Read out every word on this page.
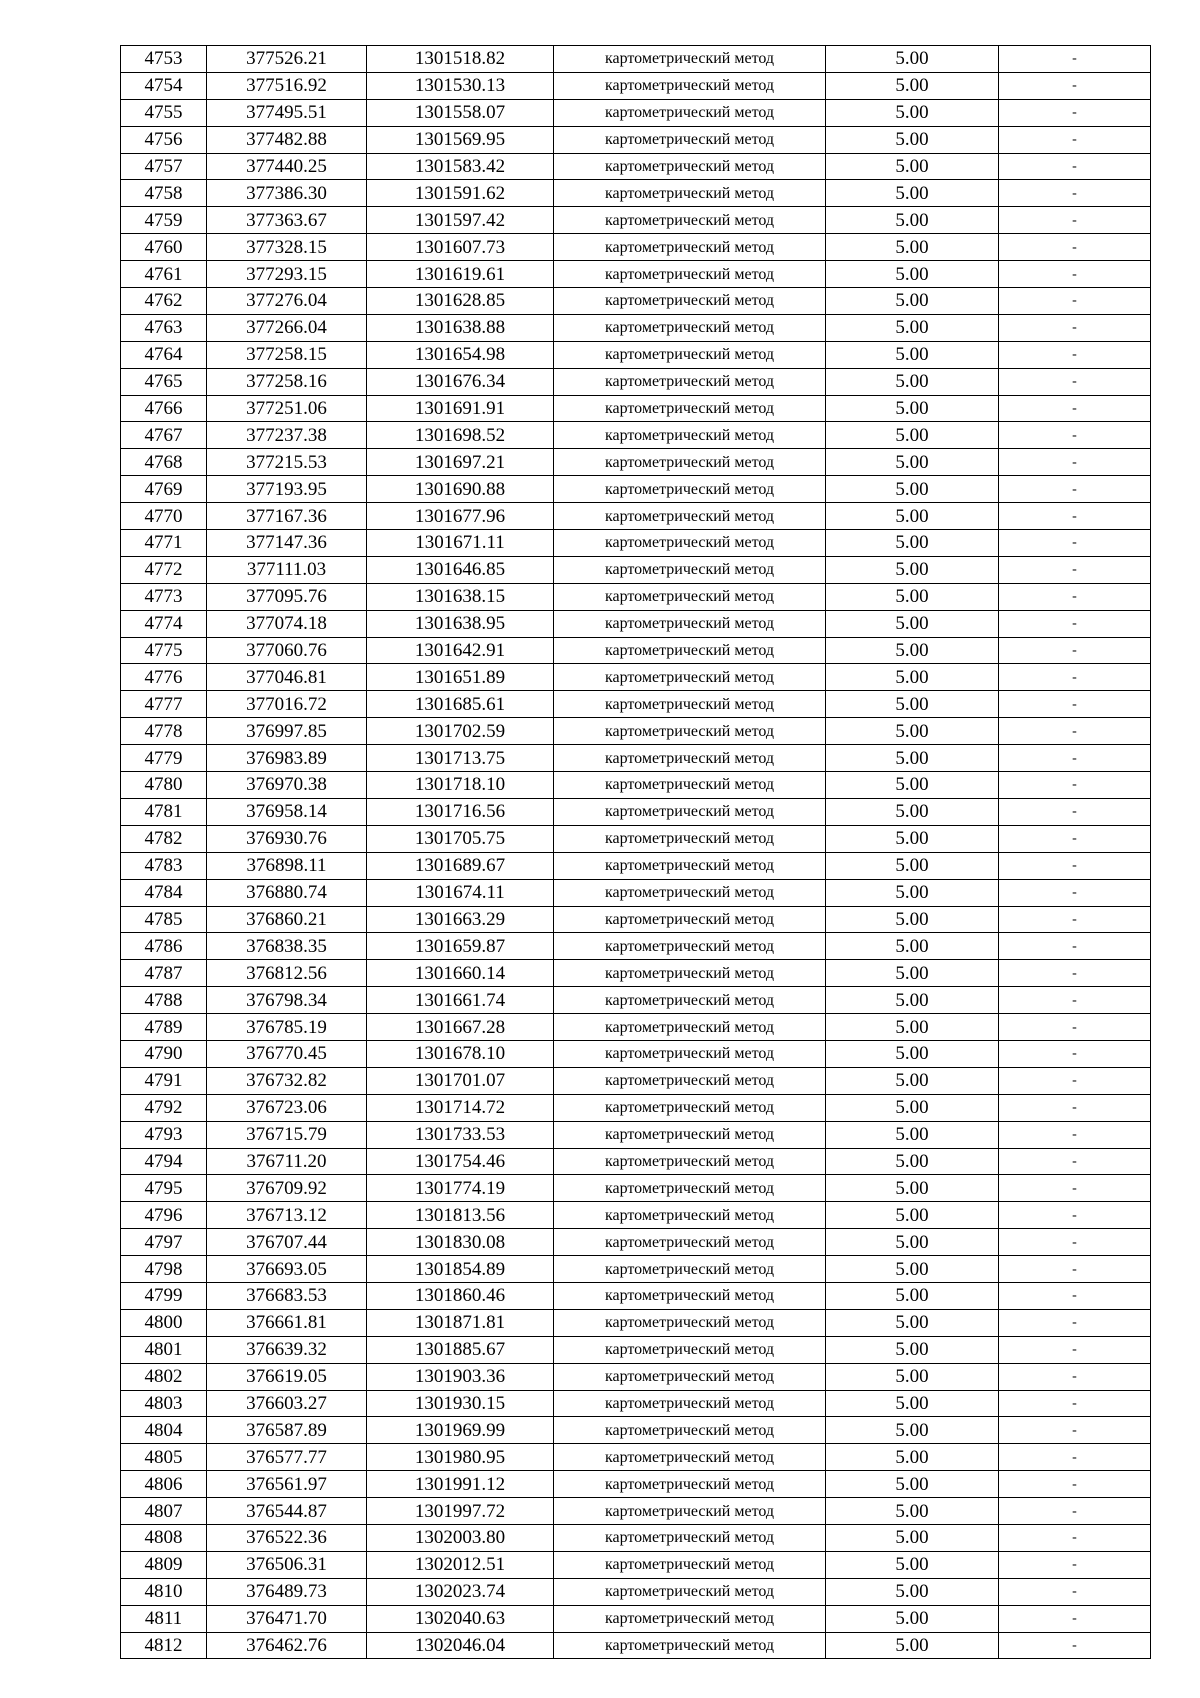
4753	377526.21	1301518.82	картометрический метод	5.00	-
4754	377516.92	1301530.13	картометрический метод	5.00	-
4755	377495.51	1301558.07	картометрический метод	5.00	-
4756	377482.88	1301569.95	картометрический метод	5.00	-
4757	377440.25	1301583.42	картометрический метод	5.00	-
4758	377386.30	1301591.62	картометрический метод	5.00	-
4759	377363.67	1301597.42	картометрический метод	5.00	-
4760	377328.15	1301607.73	картометрический метод	5.00	-
4761	377293.15	1301619.61	картометрический метод	5.00	-
4762	377276.04	1301628.85	картометрический метод	5.00	-
4763	377266.04	1301638.88	картометрический метод	5.00	-
4764	377258.15	1301654.98	картометрический метод	5.00	-
4765	377258.16	1301676.34	картометрический метод	5.00	-
4766	377251.06	1301691.91	картометрический метод	5.00	-
4767	377237.38	1301698.52	картометрический метод	5.00	-
4768	377215.53	1301697.21	картометрический метод	5.00	-
4769	377193.95	1301690.88	картометрический метод	5.00	-
4770	377167.36	1301677.96	картометрический метод	5.00	-
4771	377147.36	1301671.11	картометрический метод	5.00	-
4772	377111.03	1301646.85	картометрический метод	5.00	-
4773	377095.76	1301638.15	картометрический метод	5.00	-
4774	377074.18	1301638.95	картометрический метод	5.00	-
4775	377060.76	1301642.91	картометрический метод	5.00	-
4776	377046.81	1301651.89	картометрический метод	5.00	-
4777	377016.72	1301685.61	картометрический метод	5.00	-
4778	376997.85	1301702.59	картометрический метод	5.00	-
4779	376983.89	1301713.75	картометрический метод	5.00	-
4780	376970.38	1301718.10	картометрический метод	5.00	-
4781	376958.14	1301716.56	картометрический метод	5.00	-
4782	376930.76	1301705.75	картометрический метод	5.00	-
4783	376898.11	1301689.67	картометрический метод	5.00	-
4784	376880.74	1301674.11	картометрический метод	5.00	-
4785	376860.21	1301663.29	картометрический метод	5.00	-
4786	376838.35	1301659.87	картометрический метод	5.00	-
4787	376812.56	1301660.14	картометрический метод	5.00	-
4788	376798.34	1301661.74	картометрический метод	5.00	-
4789	376785.19	1301667.28	картометрический метод	5.00	-
4790	376770.45	1301678.10	картометрический метод	5.00	-
4791	376732.82	1301701.07	картометрический метод	5.00	-
4792	376723.06	1301714.72	картометрический метод	5.00	-
4793	376715.79	1301733.53	картометрический метод	5.00	-
4794	376711.20	1301754.46	картометрический метод	5.00	-
4795	376709.92	1301774.19	картометрический метод	5.00	-
4796	376713.12	1301813.56	картометрический метод	5.00	-
4797	376707.44	1301830.08	картометрический метод	5.00	-
4798	376693.05	1301854.89	картометрический метод	5.00	-
4799	376683.53	1301860.46	картометрический метод	5.00	-
4800	376661.81	1301871.81	картометрический метод	5.00	-
4801	376639.32	1301885.67	картометрический метод	5.00	-
4802	376619.05	1301903.36	картометрический метод	5.00	-
4803	376603.27	1301930.15	картометрический метод	5.00	-
4804	376587.89	1301969.99	картометрический метод	5.00	-
4805	376577.77	1301980.95	картометрический метод	5.00	-
4806	376561.97	1301991.12	картометрический метод	5.00	-
4807	376544.87	1301997.72	картометрический метод	5.00	-
4808	376522.36	1302003.80	картометрический метод	5.00	-
4809	376506.31	1302012.51	картометрический метод	5.00	-
4810	376489.73	1302023.74	картометрический метод	5.00	-
4811	376471.70	1302040.63	картометрический метод	5.00	-
4812	376462.76	1302046.04	картометрический метод	5.00	-
